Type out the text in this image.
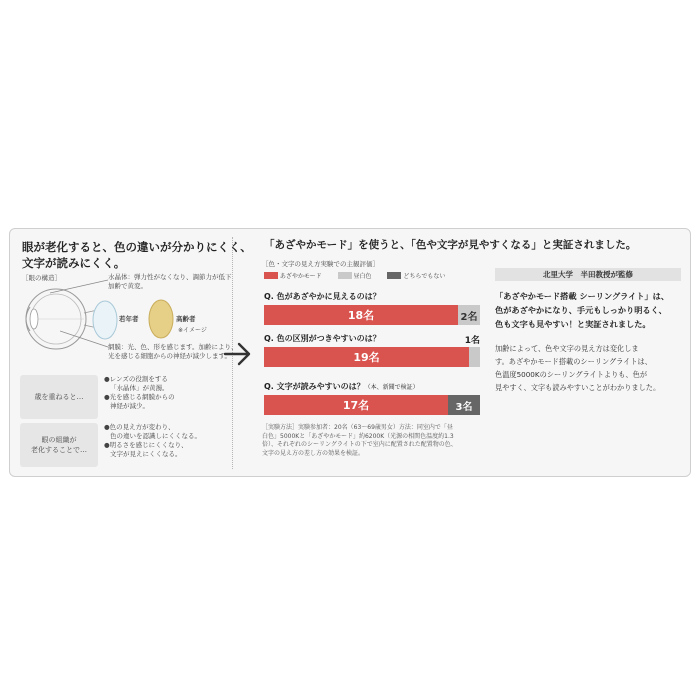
眼が老化すると、色の違いが分かりにくく、
文字が読みにくく。
［眼の構造］	水晶体：弾力性がなくなり、調節力が低下
加齢で黄変。
若年者	高齢者
※イメージ
網膜：光、色、形を感じます。加齢により、
光を感じる細胞からの神経が減少します。
歳を重ねると…
●レンズの役割をする
「水晶体」が黄濁。
●光を感じる網膜からの
神経が減少。
眼の組織が
老化することで…
●色の見え方が変わり、
色の違いを認識しにくくなる。
●明るさを感じにくくなり、
文字が見えにくくなる。
「あざやかモード」を使うと、「色や文字が見やすくなる」と実証されました。
［色・文字の見え方実験での主観評価］
あざやかモード	昼白色	どちらでもない
Q. 色があざやかに見えるのは？
18名	2名
Q. 色の区別がつきやすいのは？	1名
19名
Q. 文字が読みやすいのは？（本、新聞で検証）
17名	3名
［実験方法］実験参加者：20名（63〜69歳男女）方法：同室内で「昼
白色」5000Kと「あざやかモード」約6200K（光源の相関色温度約1.3
倍）、それぞれのシーリングライトの下で室内に配置された配置物の色、
文字の見え方の差し方の効果を検証。
北里大学　半田教授が監修
「あざやかモード搭載 シーリングライト」は、
色があざやかになり、手元もしっかり明るく、
色も文字も見やすい！と実証されました。
加齢によって、色や文字の見え方は変化しま
す。あざやかモード搭載のシーリングライトは、
色温度5000Kのシーリングライトよりも、色が
見やすく、文字も読みやすいことがわかりました。
